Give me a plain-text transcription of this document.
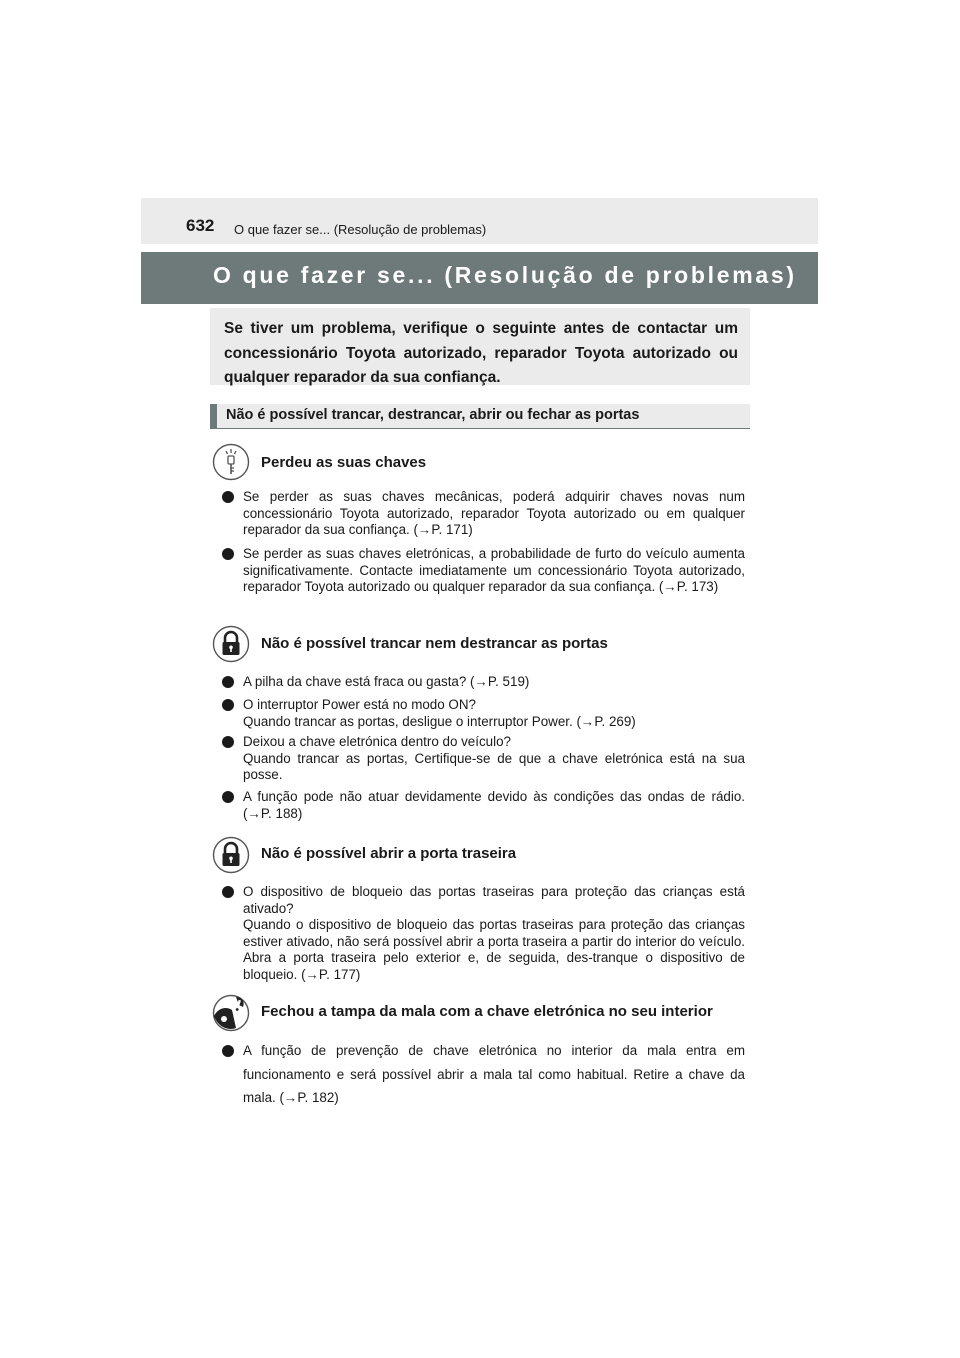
632 O que fazer se... (Resolução de problemas)
O que fazer se... (Resolução de problemas)
Se tiver um problema, verifique o seguinte antes de contactar um concessionário Toyota autorizado, reparador Toyota autorizado ou qualquer reparador da sua confiança.
Não é possível trancar, destrancar, abrir ou fechar as portas
Perdeu as suas chaves
Se perder as suas chaves mecânicas, poderá adquirir chaves novas num concessionário Toyota autorizado, reparador Toyota autorizado ou em qualquer reparador da sua confiança. (→P. 171)
Se perder as suas chaves eletrónicas, a probabilidade de furto do veículo aumenta significativamente. Contacte imediatamente um concessionário Toyota autorizado, reparador Toyota autorizado ou qualquer reparador da sua confiança. (→P. 173)
Não é possível trancar nem destrancar as portas
A pilha da chave está fraca ou gasta? (→P. 519)
O interruptor Power está no modo ON?
Quando trancar as portas, desligue o interruptor Power. (→P. 269)
Deixou a chave eletrónica dentro do veículo?
Quando trancar as portas, Certifique-se de que a chave eletrónica está na sua posse.
A função pode não atuar devidamente devido às condições das ondas de rádio. (→P. 188)
Não é possível abrir a porta traseira
O dispositivo de bloqueio das portas traseiras para proteção das crianças está ativado?
Quando o dispositivo de bloqueio das portas traseiras para proteção das crianças estiver ativado, não será possível abrir a porta traseira a partir do interior do veículo. Abra a porta traseira pelo exterior e, de seguida, des-tranque o dispositivo de bloqueio. (→P. 177)
Fechou a tampa da mala com a chave eletrónica no seu interior
A função de prevenção de chave eletrónica no interior da mala entra em funcionamento e será possível abrir a mala tal como habitual. Retire a chave da mala. (→P. 182)
